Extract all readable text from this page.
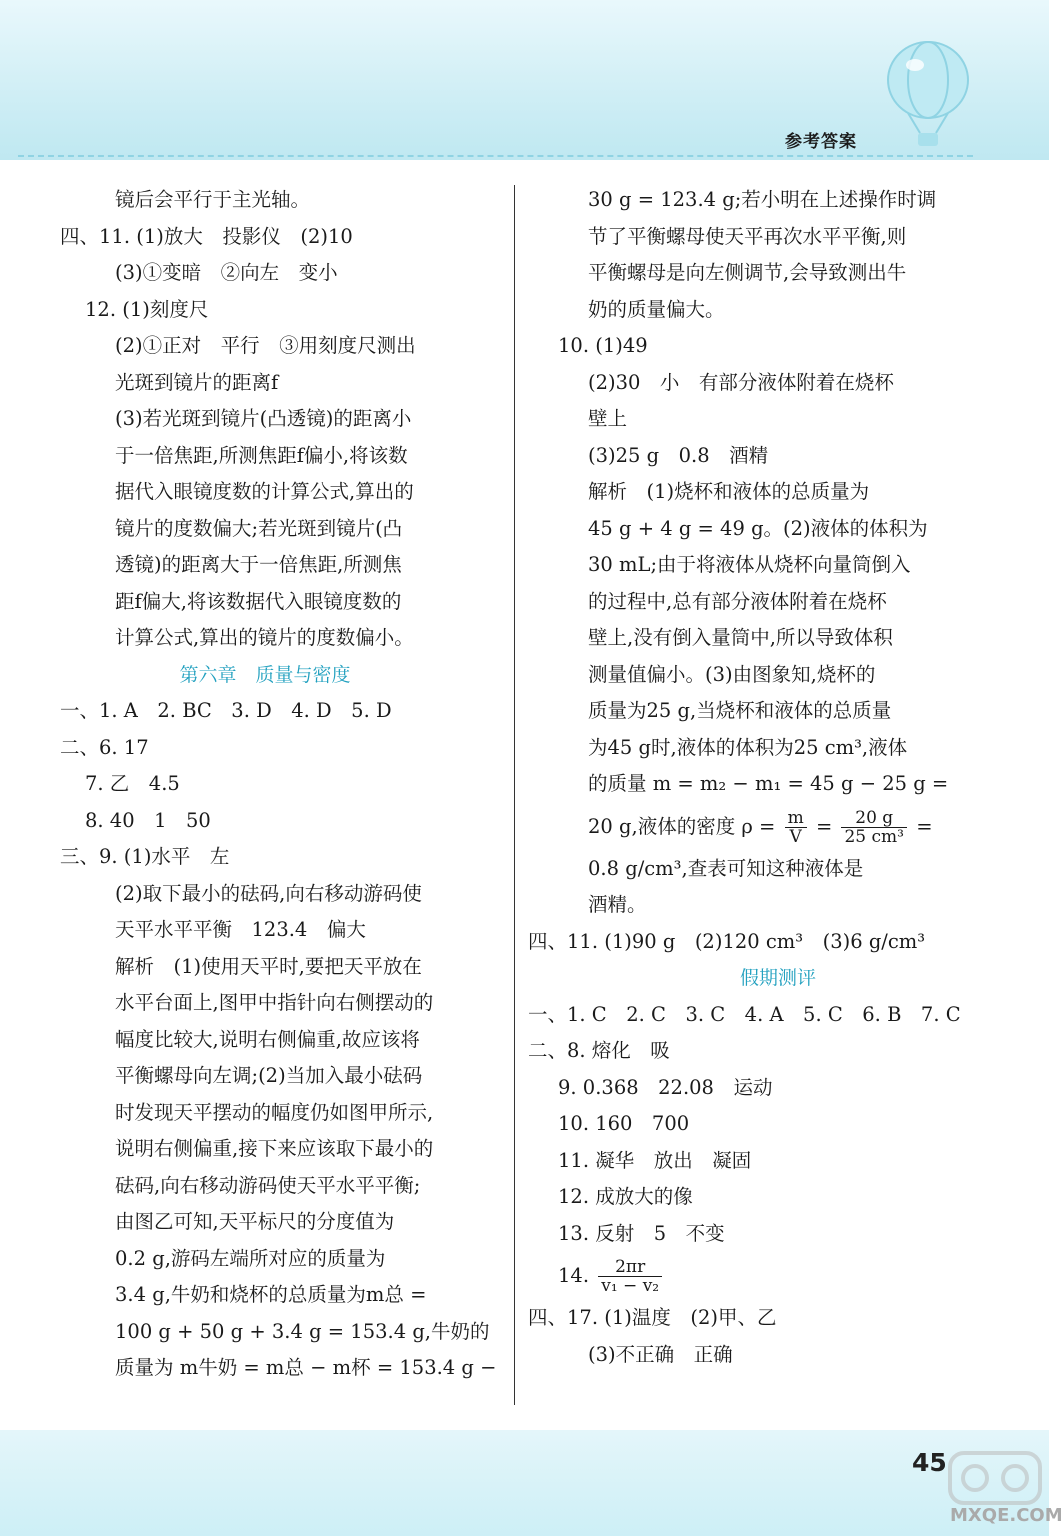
参考答案
镜后会平行于主光轴。
四、11. (1)放大　投影仪　(2)10
(3)①变暗　②向左　变小
12. (1)刻度尺
(2)①正对　平行　③用刻度尺测出
光斑到镜片的距离f
(3)若光斑到镜片(凸透镜)的距离小
于一倍焦距,所测焦距f偏小,将该数
据代入眼镜度数的计算公式,算出的
镜片的度数偏大;若光斑到镜片(凸
透镜)的距离大于一倍焦距,所测焦
距f偏大,将该数据代入眼镜度数的
计算公式,算出的镜片的度数偏小。
第六章　质量与密度
一、1. A　2. BC　3. D　4. D　5. D
二、6. 17
7. 乙　4.5
8. 40　1　50
三、9. (1)水平　左
(2)取下最小的砝码,向右移动游码使
天平水平平衡　123.4　偏大
解析　(1)使用天平时,要把天平放在
水平台面上,图甲中指针向右侧摆动的
幅度比较大,说明右侧偏重,故应该将
平衡螺母向左调;(2)当加入最小砝码
时发现天平摆动的幅度仍如图甲所示,
说明右侧偏重,接下来应该取下最小的
砝码,向右移动游码使天平水平平衡;
由图乙可知,天平标尺的分度值为
0.2 g,游码左端所对应的质量为
3.4 g,牛奶和烧杯的总质量为m总 =
100 g + 50 g + 3.4 g = 153.4 g,牛奶的
质量为 m牛奶 = m总 − m杯 = 153.4 g −
30 g = 123.4 g;若小明在上述操作时调
节了平衡螺母使天平再次水平平衡,则
平衡螺母是向左侧调节,会导致测出牛
奶的质量偏大。
10. (1)49
(2)30　小　有部分液体附着在烧杯
壁上
(3)25 g　0.8　酒精
解析　(1)烧杯和液体的总质量为
45 g + 4 g = 49 g。(2)液体的体积为
30 mL;由于将液体从烧杯向量筒倒入
的过程中,总有部分液体附着在烧杯
壁上,没有倒入量筒中,所以导致体积
测量值偏小。(3)由图象知,烧杯的
质量为25 g,当烧杯和液体的总质量
为45 g时,液体的体积为25 cm³,液体
的质量 m = m₂ − m₁ = 45 g − 25 g =
20 g,液体的密度 $\rho = \frac{m}{V} = \frac{20 g}{\text{25 cm³}}$ =
0.8 g/cm³,查表可知这种液体是
酒精。
四、11. (1)90 g　(2)120 cm³　(3)6 g/cm³
假期测评
一、1. C　2. C　3. C　4. A　5. C　6. B　7. C
二、8. 熔化　吸
9. 0.368　22.08　运动
10. 160　700
11. 凝华　放出　凝固
12. 成放大的像
13. 反射　5　不变
14. $\frac{2\pi r}{\text{v₁ − v₂}}$
四、17. (1)温度　(2)甲、乙
(3)不正确　正确
45
MXQE.COM
